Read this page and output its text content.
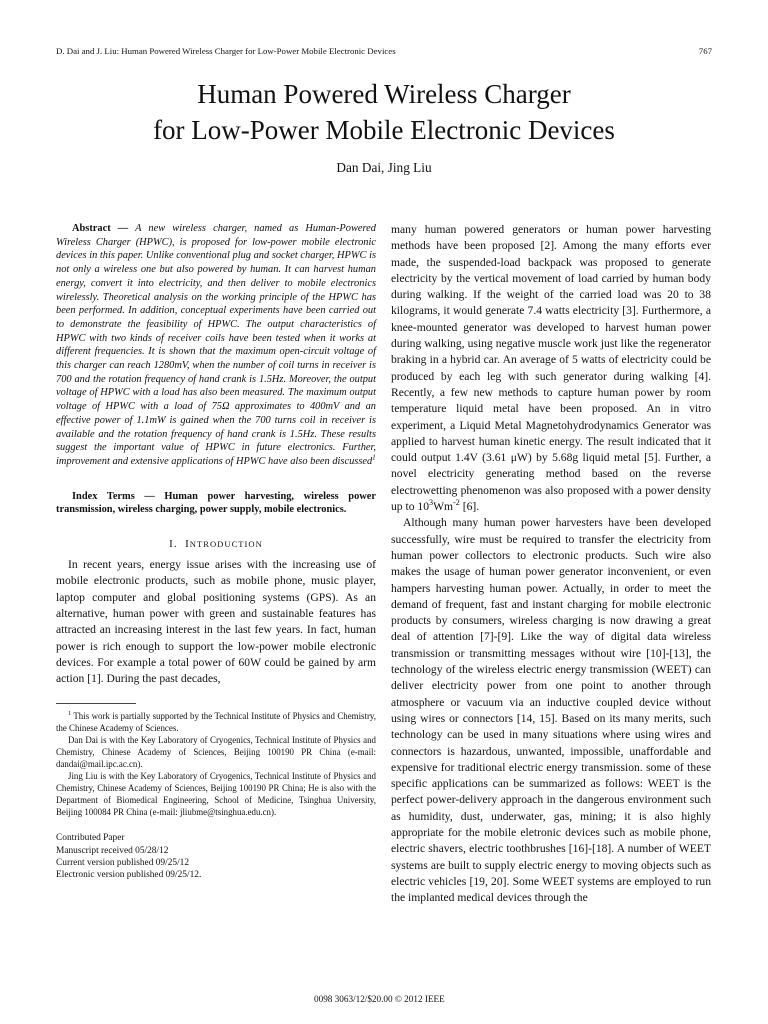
D. Dai and J. Liu: Human Powered Wireless Charger for Low-Power Mobile Electronic Devices	767
Human Powered Wireless Charger
for Low-Power Mobile Electronic Devices
Dan Dai, Jing Liu

Abstract — A new wireless charger, named as Human-Powered Wireless Charger (HPWC), is proposed for low-power mobile electronic devices in this paper. Unlike conventional plug and socket charger, HPWC is not only a wireless one but also powered by human. It can harvest human energy, convert it into electricity, and then deliver to mobile electronics wirelessly. Theoretical analysis on the working principle of the HPWC has been performed. In addition, conceptual experiments have been carried out to demonstrate the feasibility of HPWC. The output characteristics of HPWC with two kinds of receiver coils have been tested when it works at different frequencies. It is shown that the maximum open-circuit voltage of this charger can reach 1280mV, when the number of coil turns in receiver is 700 and the rotation frequency of hand crank is 1.5Hz. Moreover, the output voltage of HPWC with a load has also been measured. The maximum output voltage of HPWC with a load of 75Ω approximates to 400mV and an effective power of 1.1mW is gained when the 700 turns coil in receiver is available and the rotation frequency of hand crank is 1.5Hz. These results suggest the important value of HPWC in future electronics. Further, improvement and extensive applications of HPWC have also been discussed$^1$

Index Terms — Human power harvesting, wireless power transmission, wireless charging, power supply, mobile electronics.

I. INTRODUCTION

In recent years, energy issue arises with the increasing use of mobile electronic products, such as mobile phone, music player, laptop computer and global positioning systems (GPS). As an alternative, human power with green and sustainable features has attracted an increasing interest in the last few years. In fact, human power is rich enough to support the low-power mobile electronic devices. For example a total power of 60W could be gained by arm action [1]. During the past decades,

$^1$ This work is partially supported by the Technical Institute of Physics and Chemistry, the Chinese Academy of Sciences.

Dan Dai is with the Key Laboratory of Cryogenics, Technical Institute of Physics and Chemistry, Chinese Academy of Sciences, Beijing 100190 PR China (e-mail: dandai@mail.ipc.ac.cn).

Jing Liu is with the Key Laboratory of Cryogenics, Technical Institute of Physics and Chemistry, Chinese Academy of Sciences, Beijing 100190 PR China; He is also with the Department of Biomedical Engineering, School of Medicine, Tsinghua University, Beijing 100084 PR China (e-mail: jliubme@tsinghua.edu.cn).

Contributed Paper
Manuscript received 05/28/12
Current version published 09/25/12
Electronic version published 09/25/12.
0098 3063/12/$20.00 © 2012 IEEE

many human powered generators or human power harvesting methods have been proposed [2]. Among the many efforts ever made, the suspended-load backpack was proposed to generate electricity by the vertical movement of load carried by human body during walking. If the weight of the carried load was 20 to 38 kilograms, it would generate 7.4 watts electricity [3]. Furthermore, a knee-mounted generator was developed to harvest human power during walking, using negative muscle work just like the regenerator braking in a hybrid car. An average of 5 watts of electricity could be produced by each leg with such generator during walking [4]. Recently, a few new methods to capture human power by room temperature liquid metal have been proposed. An in vitro experiment, a Liquid Metal Magnetohydrodynamics Generator was applied to harvest human kinetic energy. The result indicated that it could output 1.4V (3.61 μW) by 5.68g liquid metal [5]. Further, a novel electricity generating method based on the reverse electrowetting phenomenon was also proposed with a power density up to $10^3Wm^{-2}$ [6].

Although many human power harvesters have been developed successfully, wire must be required to transfer the electricity from human power collectors to electronic products. Such wire also makes the usage of human power generator inconvenient, or even hampers harvesting human power. Actually, in order to meet the demand of frequent, fast and instant charging for mobile electronic products by consumers, wireless charging is now drawing a great deal of attention [7]-[9]. Like the way of digital data wireless transmission or transmitting messages without wire [10]-[13], the technology of the wireless electric energy transmission (WEET) can deliver electricity power from one point to another through atmosphere or vacuum via an inductive coupled device without using wires or connectors [14, 15]. Based on its many merits, such technology can be used in many situations where using wires and connectors is hazardous, unwanted, impossible, unaffordable and expensive for traditional electric energy transmission. some of these specific applications can be summarized as follows: WEET is the perfect power-delivery approach in the dangerous environment such as humidity, dust, underwater, gas, mining; it is also highly appropriate for the mobile eletronic devices such as mobile phone, electric shavers, electric toothbrushes [16]-[18]. A number of WEET systems are built to supply electric energy to moving objects such as electric vehicles [19, 20]. Some WEET systems are employed to run the implanted medical devices through the
